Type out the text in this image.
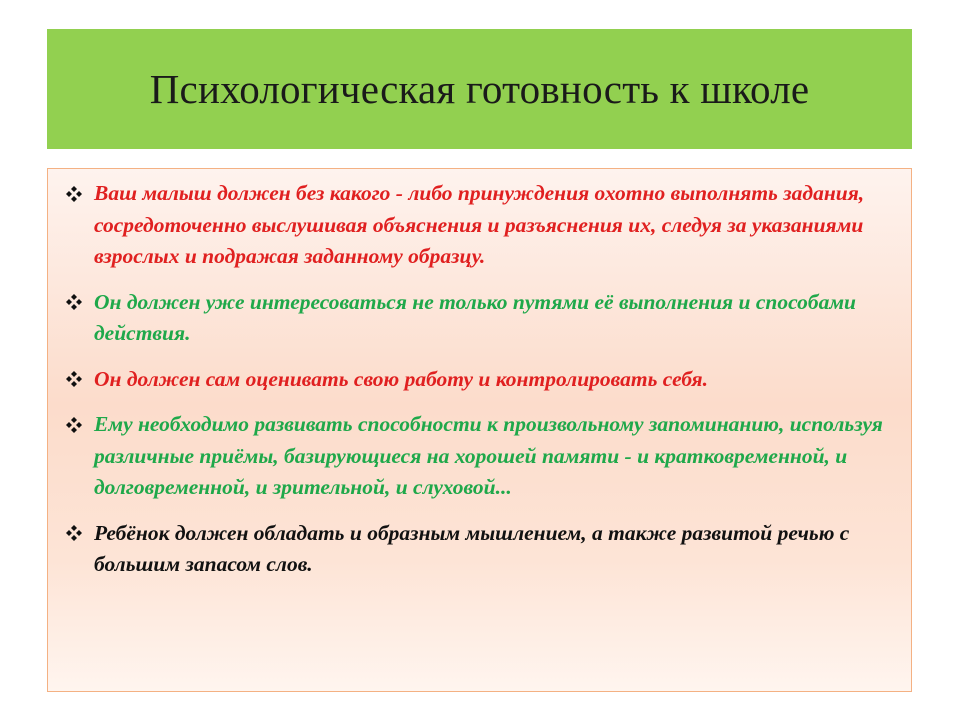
Психологическая готовность к школе
Ваш малыш должен без какого - либо принуждения охотно выполнять задания, сосредоточенно выслушивая объяснения и разъяснения их, следуя за указаниями взрослых и подражая заданному образцу.
Он должен уже интересоваться не только путями её выполнения и способами действия.
Он должен сам оценивать свою работу и контролировать себя.
Ему необходимо развивать способности к произвольному запоминанию, используя различные приёмы, базирующиеся на хорошей памяти - и кратковременной, и долговременной, и зрительной, и слуховой...
Ребёнок должен обладать и образным мышлением, а также развитой речью с большим запасом слов.
